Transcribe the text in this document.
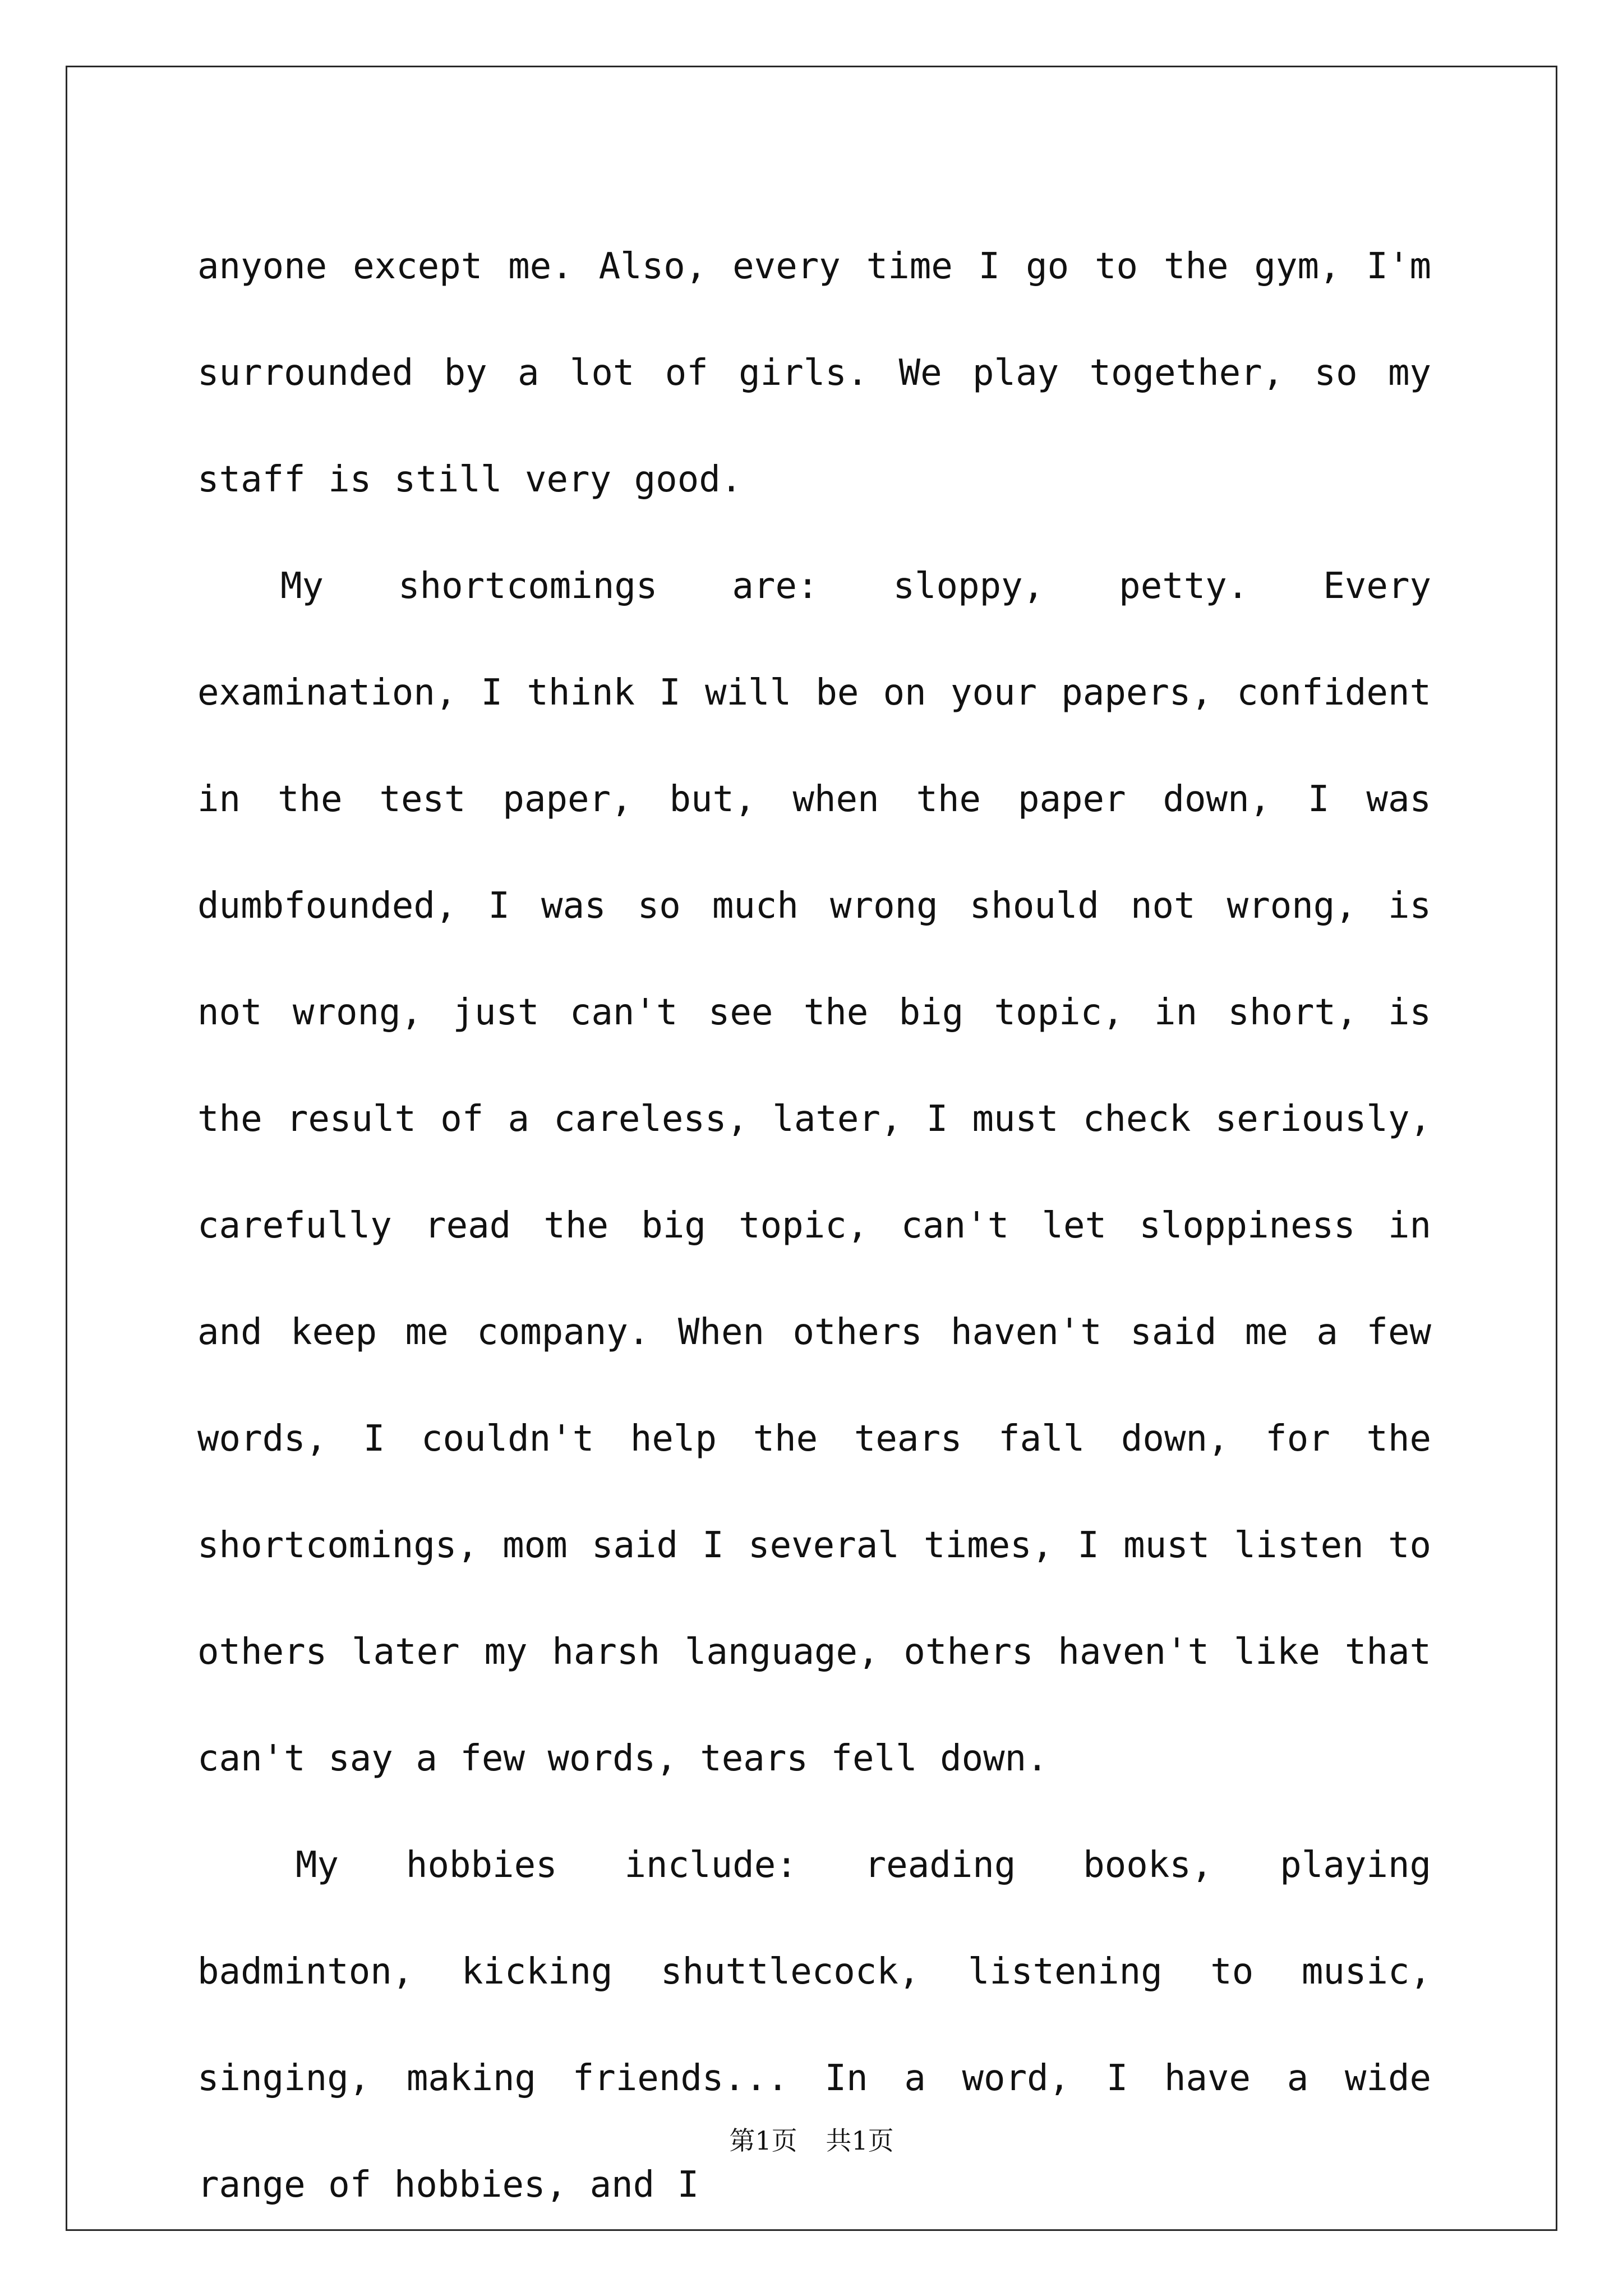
anyone except me. Also, every time I go to the gym, I'm surrounded by a lot of girls. We play together, so my staff is still very good.

My shortcomings are: sloppy, petty. Every examination, I think I will be on your papers, confident in the test paper, but, when the paper down, I was dumbfounded, I was so much wrong should not wrong, is not wrong, just can't see the big topic, in short, is the result of a careless, later, I must check seriously, carefully read the big topic, can't let sloppiness in and keep me company. When others haven't said me a few words, I couldn't help the tears fall down, for the shortcomings, mom said I several times, I must listen to others later my harsh language, others haven't like that can't say a few words, tears fell down.

My hobbies include: reading books, playing badminton, kicking shuttlecock, listening to music, singing, making friends... In a word, I have a wide range of hobbies, and I

第1页 共1页
